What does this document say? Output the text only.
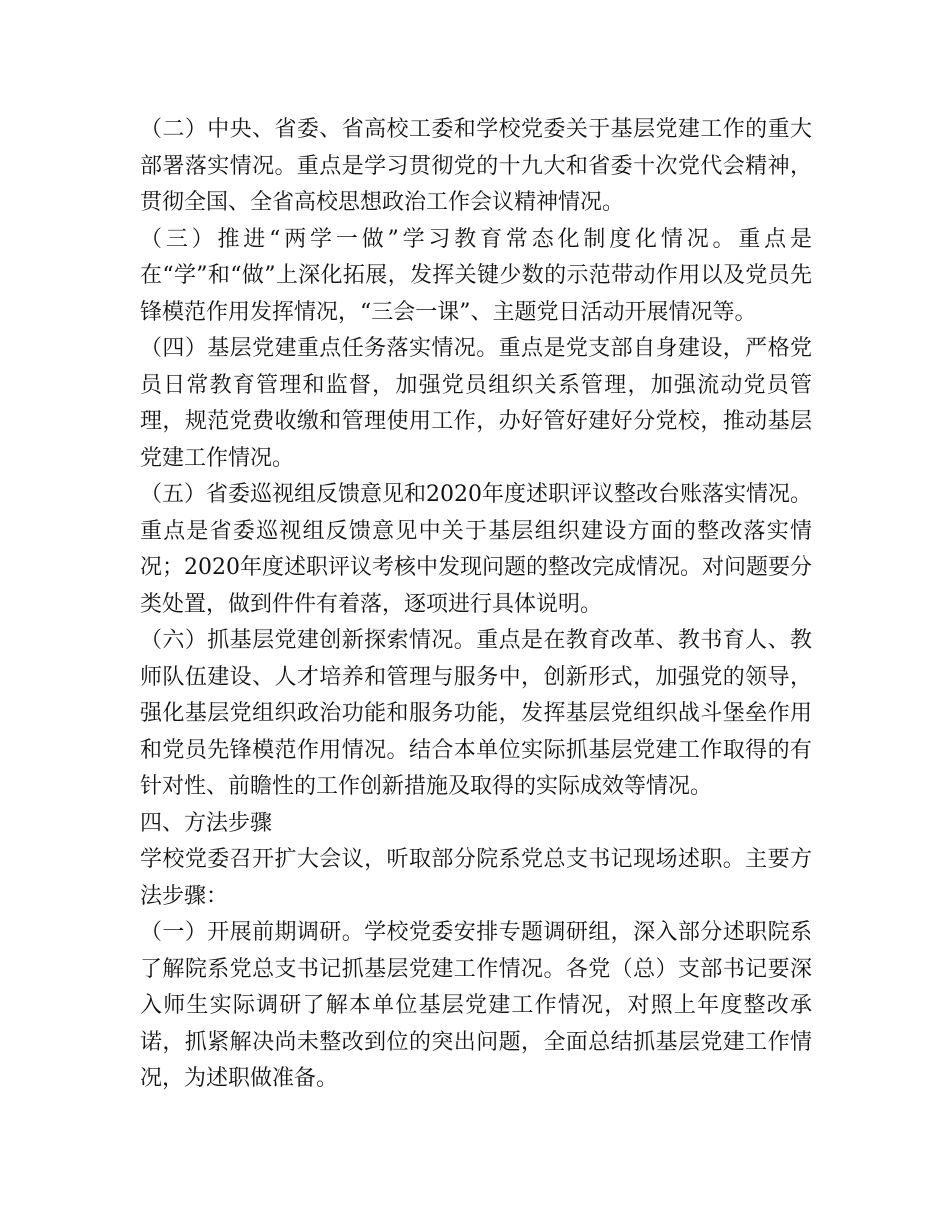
（二）中央、省委、省高校工委和学校党委关于基层党建工作的重大部署落实情况。重点是学习贯彻党的十九大和省委十次党代会精神，贯彻全国、全省高校思想政治工作会议精神情况。

（三）推进“两学一做”学习教育常态化制度化情况。重点是在“学”和“做”上深化拓展，发挥关键少数的示范带动作用以及党员先锋模范作用发挥情况，“三会一课”、主题党日活动开展情况等。

（四）基层党建重点任务落实情况。重点是党支部自身建设，严格党员日常教育管理和监督，加强党员组织关系管理，加强流动党员管理，规范党费收缴和管理使用工作，办好管好建好分党校，推动基层党建工作情况。

（五）省委巡视组反馈意见和2020年度述职评议整改台账落实情况。重点是省委巡视组反馈意见中关于基层组织建设方面的整改落实情况；2020年度述职评议考核中发现问题的整改完成情况。对问题要分类处置，做到件件有着落，逐项进行具体说明。

（六）抓基层党建创新探索情况。重点是在教育改革、教书育人、教师队伍建设、人才培养和管理与服务中，创新形式，加强党的领导，强化基层党组织政治功能和服务功能，发挥基层党组织战斗堡垒作用和党员先锋模范作用情况。结合本单位实际抓基层党建工作取得的有针对性、前瞻性的工作创新措施及取得的实际成效等情况。

四、方法步骤

学校党委召开扩大会议，听取部分院系党总支书记现场述职。主要方法步骤：

（一）开展前期调研。学校党委安排专题调研组，深入部分述职院系了解院系党总支书记抓基层党建工作情况。各党（总）支部书记要深入师生实际调研了解本单位基层党建工作情况，对照上年度整改承诺，抓紧解决尚未整改到位的突出问题，全面总结抓基层党建工作情况，为述职做准备。
